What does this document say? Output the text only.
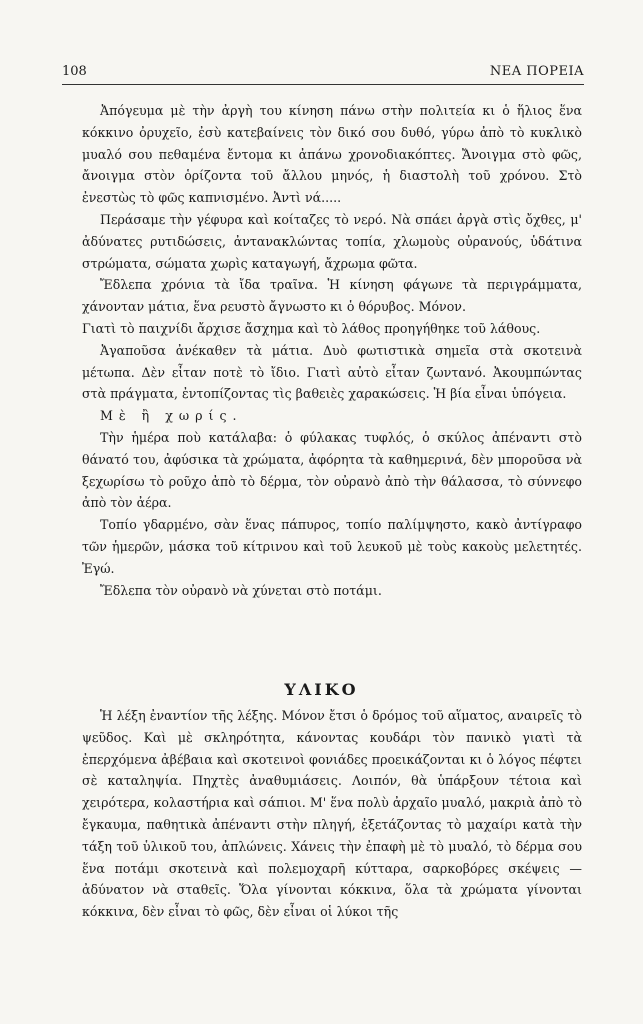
108	ΝΕΑ ΠΟΡΕΙΑ

Ἀπόγευμα μὲ τὴν ἀργὴ του κίνηση πάνω στὴν πολιτεία κι ὁ ἥλιος ἕνα κόκκινο ὀρυχεῖο, ἐσὺ κατεβαίνεις τὸν δικό σου δυθό, γύρω ἀπὸ τὸ κυκλικὸ μυαλό σου πεθαμένα ἔντομα κι ἀπάνω χρονοδιακόπτες. Ἄνοιγμα στὸ φῶς, ἄνοιγμα στὸν ὁρίζοντα τοῦ ἄλλου μηνός, ἡ διαστολὴ τοῦ χρόνου. Στὸ ἐνεστὼς τὸ φῶς καπνισμένο. Ἀντὶ νά.....

Περάσαμε τὴν γέφυρα καὶ κοίταζες τὸ νερό. Νὰ σπάει ἀργὰ στὶς ὄχθες, μ' ἀδύνατες ρυτιδώσεις, ἀντανακλώντας τοπία, χλωμοὺς οὐρανούς, ὑδάτινα στρώματα, σώματα χωρὶς καταγωγή, ἄχρωμα φῶτα.

Ἔδλεπα χρόνια τὰ ἴδα τραῖνα. Ἡ κίνηση φάγωνε τὰ περιγράμματα, χάνονταν μάτια, ἕνα ρευστὸ ἄγνωστο κι ὁ θόρυβος. Μόνον.

Γιατὶ τὸ παιχνίδι ἄρχισε ἄσχημα καὶ τὸ λάθος προηγήθηκε τοῦ λάθους.

Ἀγαποῦσα ἀνέκαθεν τὰ μάτια. Δυὸ φωτιστικὰ σημεῖα στὰ σκοτεινὰ μέτωπα. Δὲν εἶταν ποτὲ τὸ ἴδιο. Γιατὶ αὐτὸ εἶταν ζωντανό. Ἀκουμπώντας στὰ πράγματα, ἐντοπίζοντας τὶς βαθειὲς χαρακώσεις. Ἡ βία εἶναι ὑπόγεια.

Μὲ ἢ χωρίς.

Τὴν ἡμέρα ποὺ κατάλαβα: ὁ φύλακας τυφλός, ὁ σκύλος ἀπέναντι στὸ θάνατό του, ἀφύσικα τὰ χρώματα, ἀφόρητα τὰ καθημερινά, δὲν μποροῦσα νὰ ξεχωρίσω τὸ ροῦχο ἀπὸ τὸ δέρμα, τὸν οὐρανὸ ἀπὸ τὴν θάλασσα, τὸ σύννεφο ἀπὸ τὸν ἀέρα.

Τοπίο γδαρμένο, σὰν ἕνας πάπυρος, τοπίο παλίμψηστο, κακὸ ἀντίγραφο τῶν ἡμερῶν, μάσκα τοῦ κίτρινου καὶ τοῦ λευκοῦ μὲ τοὺς κακοὺς μελετητές. Ἐγώ.

Ἔδλεπα τὸν οὐρανὸ νὰ χύνεται στὸ ποτάμι.

ΥΛΙΚΟ

Ἡ λέξη ἐναντίον τῆς λέξης. Μόνον ἔτσι ὁ δρόμος τοῦ αἵματος, αναιρεῖς τὸ ψεῦδος. Καὶ μὲ σκληρότητα, κάνοντας κουδάρι τὸν πανικὸ γιατὶ τὰ ἐπερχόμενα ἀβέβαια καὶ σκοτεινοὶ φονιάδες προεικάζονται κι ὁ λόγος πέφτει σὲ καταληψία. Πηχτὲς ἀναθυμιάσεις. Λοιπόν, θὰ ὑπάρξουν τέτοια καὶ χειρότερα, κολαστήρια καὶ σάπιοι. Μ' ἕνα πολὺ ἀρχαῖο μυαλό, μακριὰ ἀπὸ τὸ ἔγκαυμα, παθητικὰ ἀπέναντι στὴν πληγή, ἐξετάζοντας τὸ μαχαίρι κατὰ τὴν τάξη τοῦ ὑλικοῦ του, ἀπλώνεις. Χάνεις τὴν ἐπαφὴ μὲ τὸ μυαλό, τὸ δέρμα σου ἕνα ποτάμι σκοτεινὰ καὶ πολεμοχαρῆ κύτταρα, σαρκοβόρες σκέψεις — ἀδύνατον νὰ σταθεῖς. Ὅλα γίνονται κόκκινα, ὅλα τὰ χρώματα γίνονται κόκκινα, δὲν εἶναι τὸ φῶς, δὲν εἶναι οἱ λύκοι τῆς
